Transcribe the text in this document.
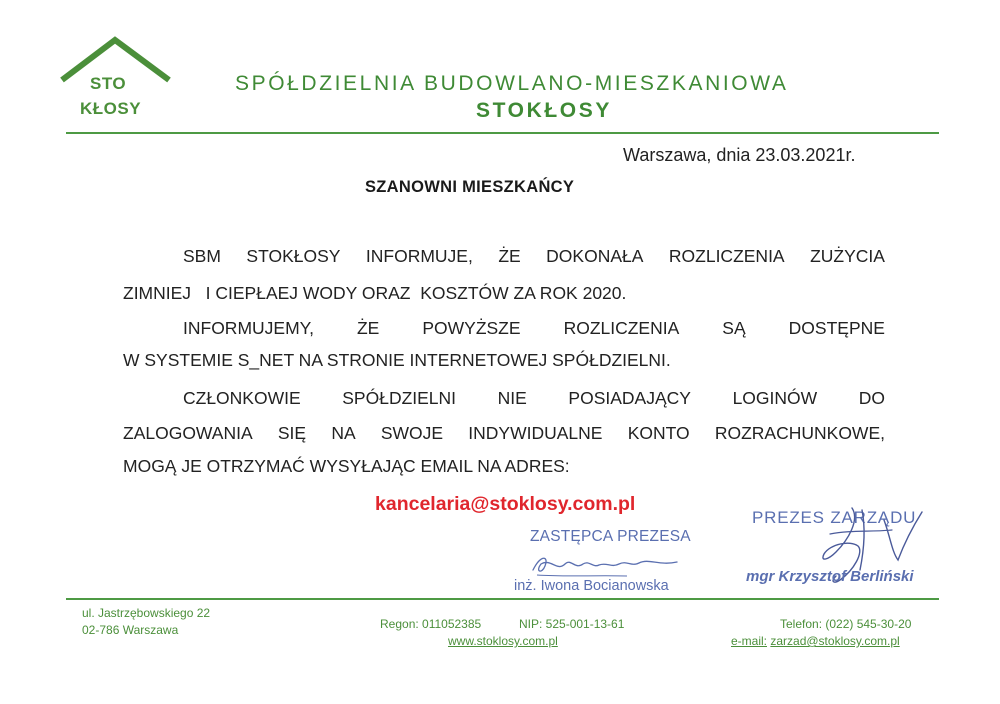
STO
KŁOSY
SPÓŁDZIELNIA BUDOWLANO-MIESZKANIOWA
STOKŁOSY
Warszawa, dnia 23.03.2021r.
SZANOWNI MIESZKAŃCY
SBM STOKŁOSY INFORMUJE, ŻE DOKONAŁA ROZLICZENIA ZUŻYCIA
ZIMNIEJ   I CIEPŁAEJ WODY ORAZ  KOSZTÓW ZA ROK 2020.
INFORMUJEMY, ŻE POWYŻSZE ROZLICZENIA SĄ DOSTĘPNE
W SYSTEMIE S_NET NA STRONIE INTERNETOWEJ SPÓŁDZIELNI.
CZŁONKOWIE SPÓŁDZIELNI NIE POSIADAJĄCY LOGINÓW DO
ZALOGOWANIA SIĘ NA SWOJE INDYWIDUALNE KONTO ROZRACHUNKOWE,
MOGĄ JE OTRZYMAĆ WYSYŁAJĄC EMAIL NA ADRES:
kancelaria@stoklosy.com.pl
ZASTĘPCA PREZESA
inż. Iwona Bocianowska
PREZES ZARZĄDU
mgr Krzysztof Berliński
ul. Jastrzębowskiego 22
02-786 Warszawa	Regon: 011052385	NIP: 525-001-13-61
www.stoklosy.com.pl
Telefon: (022) 545-30-20
e-mail: zarzad@stoklosy.com.pl
